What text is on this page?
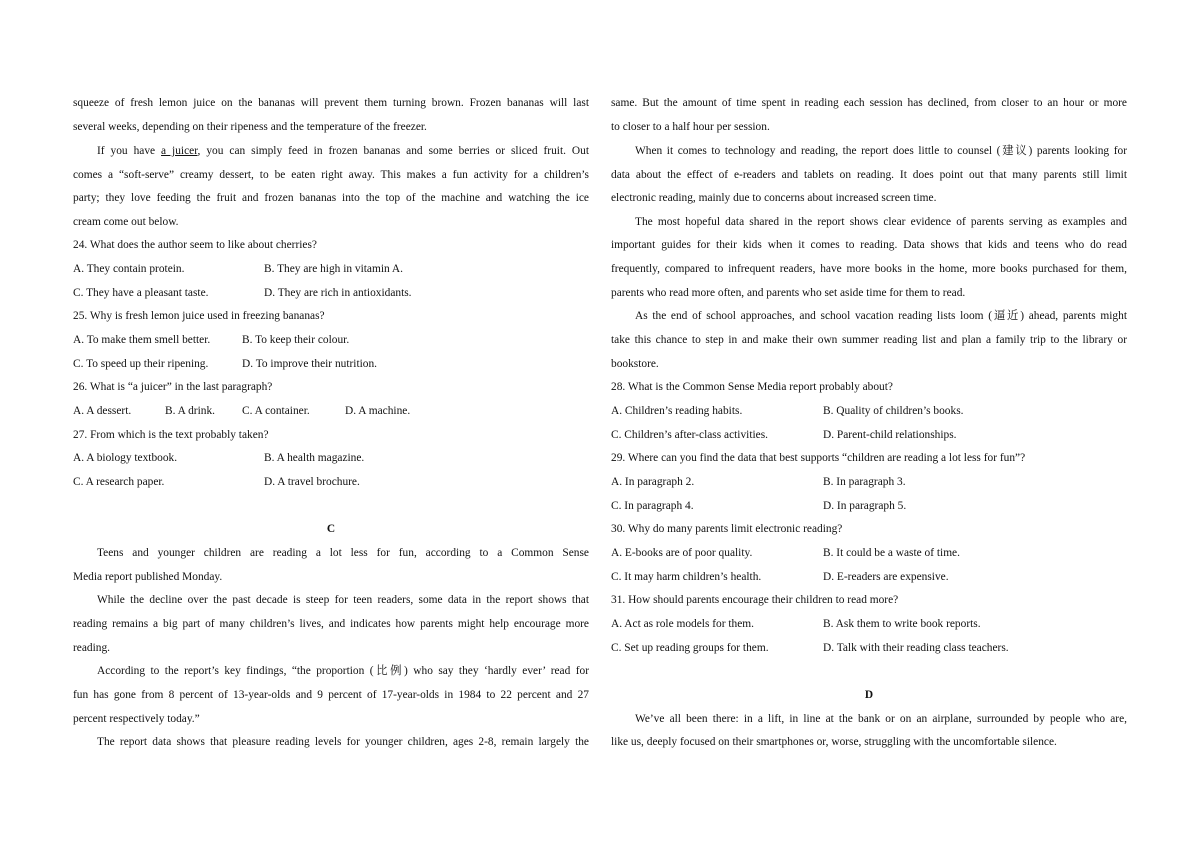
squeeze of fresh lemon juice on the bananas will prevent them turning brown. Frozen bananas will last
several weeks, depending on their ripeness and the temperature of the freezer.
If you have a juicer, you can simply feed in frozen bananas and some berries or sliced fruit. Out
comes a “soft-serve” creamy dessert, to be eaten right away. This makes a fun activity for a children’s
party; they love feeding the fruit and frozen bananas into the top of the machine and watching the ice
cream come out below.
24. What does the author seem to like about cherries?
A. They contain protein.	B. They are high in vitamin A.
C. They have a pleasant taste.	D. They are rich in antioxidants.
25. Why is fresh lemon juice used in freezing bananas?
A. To make them smell better.	B. To keep their colour.
C. To speed up their ripening.	D. To improve their nutrition.
26. What is “a juicer” in the last paragraph?
A. A dessert.	B. A drink. C. A container.	D. A machine.
27. From which is the text probably taken?
A. A biology textbook.	B. A health magazine.
C. A research paper.	D. A travel brochure.
C
Teens and younger children are reading a lot less for fun, according to a Common Sense
Media report published Monday.
While the decline over the past decade is steep for teen readers, some data in the report shows that
reading remains a big part of many children’s lives, and indicates how parents might help encourage more
reading.
According to the report’s key findings, “the proportion (比例) who say they ‘hardly ever’ read for
fun has gone from 8 percent of 13-year-olds and 9 percent of 17-year-olds in 1984 to 22 percent and 27
percent respectively today.”
The report data shows that pleasure reading levels for younger children, ages 2-8, remain largely the
same. But the amount of time spent in reading each session has declined, from closer to an hour or more
to closer to a half hour per session.
When it comes to technology and reading, the report does little to counsel (建议) parents looking for
data about the effect of e-readers and tablets on reading. It does point out that many parents still limit
electronic reading, mainly due to concerns about increased screen time.
The most hopeful data shared in the report shows clear evidence of parents serving as examples and
important guides for their kids when it comes to reading. Data shows that kids and teens who do read
frequently, compared to infrequent readers, have more books in the home, more books purchased for them,
parents who read more often, and parents who set aside time for them to read.
As the end of school approaches, and school vacation reading lists loom (逼近) ahead, parents might
take this chance to step in and make their own summer reading list and plan a family trip to the library or
bookstore.
28. What is the Common Sense Media report probably about?
A. Children’s reading habits.	B. Quality of children’s books.
C. Children’s after-class activities.	D. Parent-child relationships.
29. Where can you find the data that best supports “children are reading a lot less for fun”?
A. In paragraph 2.	B. In paragraph 3.
C. In paragraph 4.	D. In paragraph 5.
30. Why do many parents limit electronic reading?
A. E-books are of poor quality.	B. It could be a waste of time.
C. It may harm children’s health.	D. E-readers are expensive.
31. How should parents encourage their children to read more?
A. Act as role models for them.	B. Ask them to write book reports.
C. Set up reading groups for them.	D. Talk with their reading class teachers.
D
We’ve all been there: in a lift, in line at the bank or on an airplane, surrounded by people who are,
like us, deeply focused on their smartphones or, worse, struggling with the uncomfortable silence.
